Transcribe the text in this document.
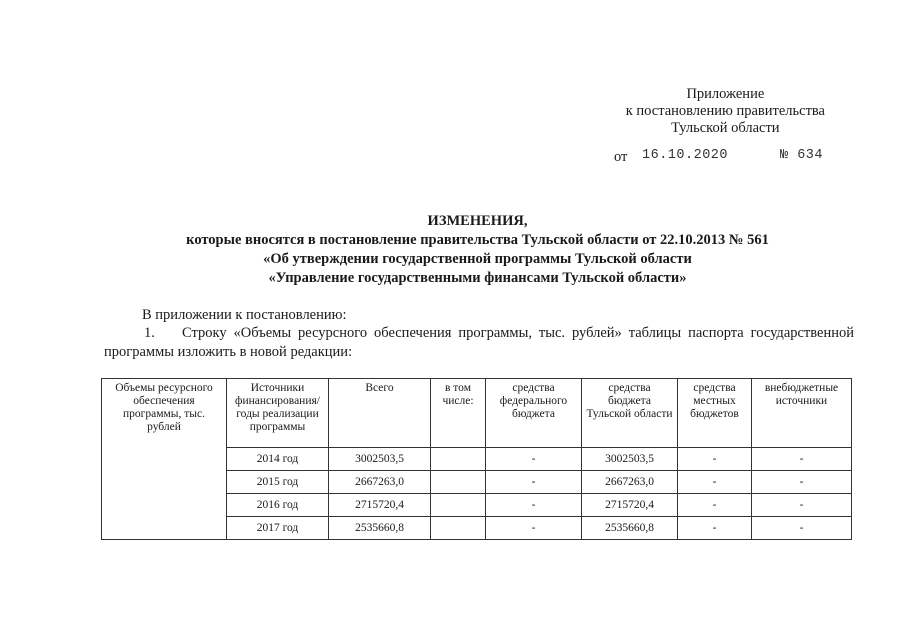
Приложение
к постановлению правительства
Тульской области
от 16.10.2020	№ 634
ИЗМЕНЕНИЯ,
которые вносятся в постановление правительства Тульской области от 22.10.2013 № 561
«Об утверждении государственной программы Тульской области
«Управление государственными финансами Тульской области»
В приложении к постановлению:
1. Строку «Объемы ресурсного обеспечения программы, тыс. рублей» таблицы паспорта государственной программы изложить в новой редакции:
Объемы ресурсного обеспечения программы, тыс. рублей	Источники финансирования/ годы реализации программы	Всего	в том числе:	средства федерального бюджета	средства бюджета Тульской области	средства местных бюджетов	внебюджетные источники
	2014 год	3002503,5		-	3002503,5	-	-
	2015 год	2667263,0		-	2667263,0	-	-
	2016 год	2715720,4		-	2715720,4	-	-
	2017 год	2535660,8		-	2535660,8	-	-
